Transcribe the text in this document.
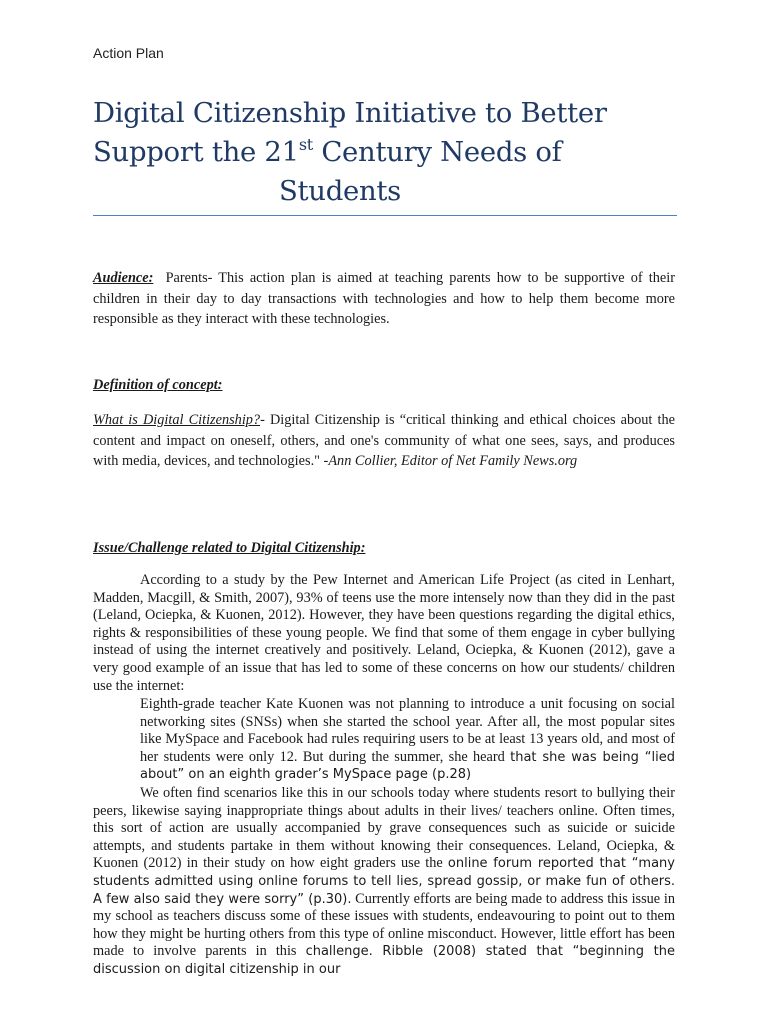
Action Plan
Digital Citizenship Initiative to Better
Support the 21st Century Needs of
Students
Audience: Parents- This action plan is aimed at teaching parents how to be supportive of their children in their day to day transactions with technologies and how to help them become more responsible as they interact with these technologies.
Definition of concept:
What is Digital Citizenship?- Digital Citizenship is “critical thinking and ethical choices about the content and impact on oneself, others, and one's community of what one sees, says, and produces with media, devices, and technologies." -Ann Collier, Editor of Net Family News.org
Issue/Challenge related to Digital Citizenship:
According to a study by the Pew Internet and American Life Project (as cited in Lenhart, Madden, Macgill, & Smith, 2007), 93% of teens use the more intensely now than they did in the past (Leland, Ociepka, & Kuonen, 2012). However, they have been questions regarding the digital ethics, rights & responsibilities of these young people. We find that some of them engage in cyber bullying instead of using the internet creatively and positively. Leland, Ociepka, & Kuonen (2012), gave a very good example of an issue that has led to some of these concerns on how our students/ children use the internet:
Eighth-grade teacher Kate Kuonen was not planning to introduce a unit focusing on social networking sites (SNSs) when she started the school year. After all, the most popular sites like MySpace and Facebook had rules requiring users to be at least 13 years old, and most of her students were only 12. But during the summer, she heard that she was being “lied about” on an eighth grader’s MySpace page (p.28)
We often find scenarios like this in our schools today where students resort to bullying their peers, likewise saying inappropriate things about adults in their lives/ teachers online. Often times, this sort of action are usually accompanied by grave consequences such as suicide or suicide attempts, and students partake in them without knowing their consequences. Leland, Ociepka, & Kuonen (2012) in their study on how eight graders use the online forum reported that “many students admitted using online forums to tell lies, spread gossip, or make fun of others. A few also said they were sorry” (p.30). Currently efforts are being made to address this issue in my school as teachers discuss some of these issues with students, endeavouring to point out to them how they might be hurting others from this type of online misconduct. However, little effort has been made to involve parents in this challenge. Ribble (2008) stated that “beginning the discussion on digital citizenship in our
